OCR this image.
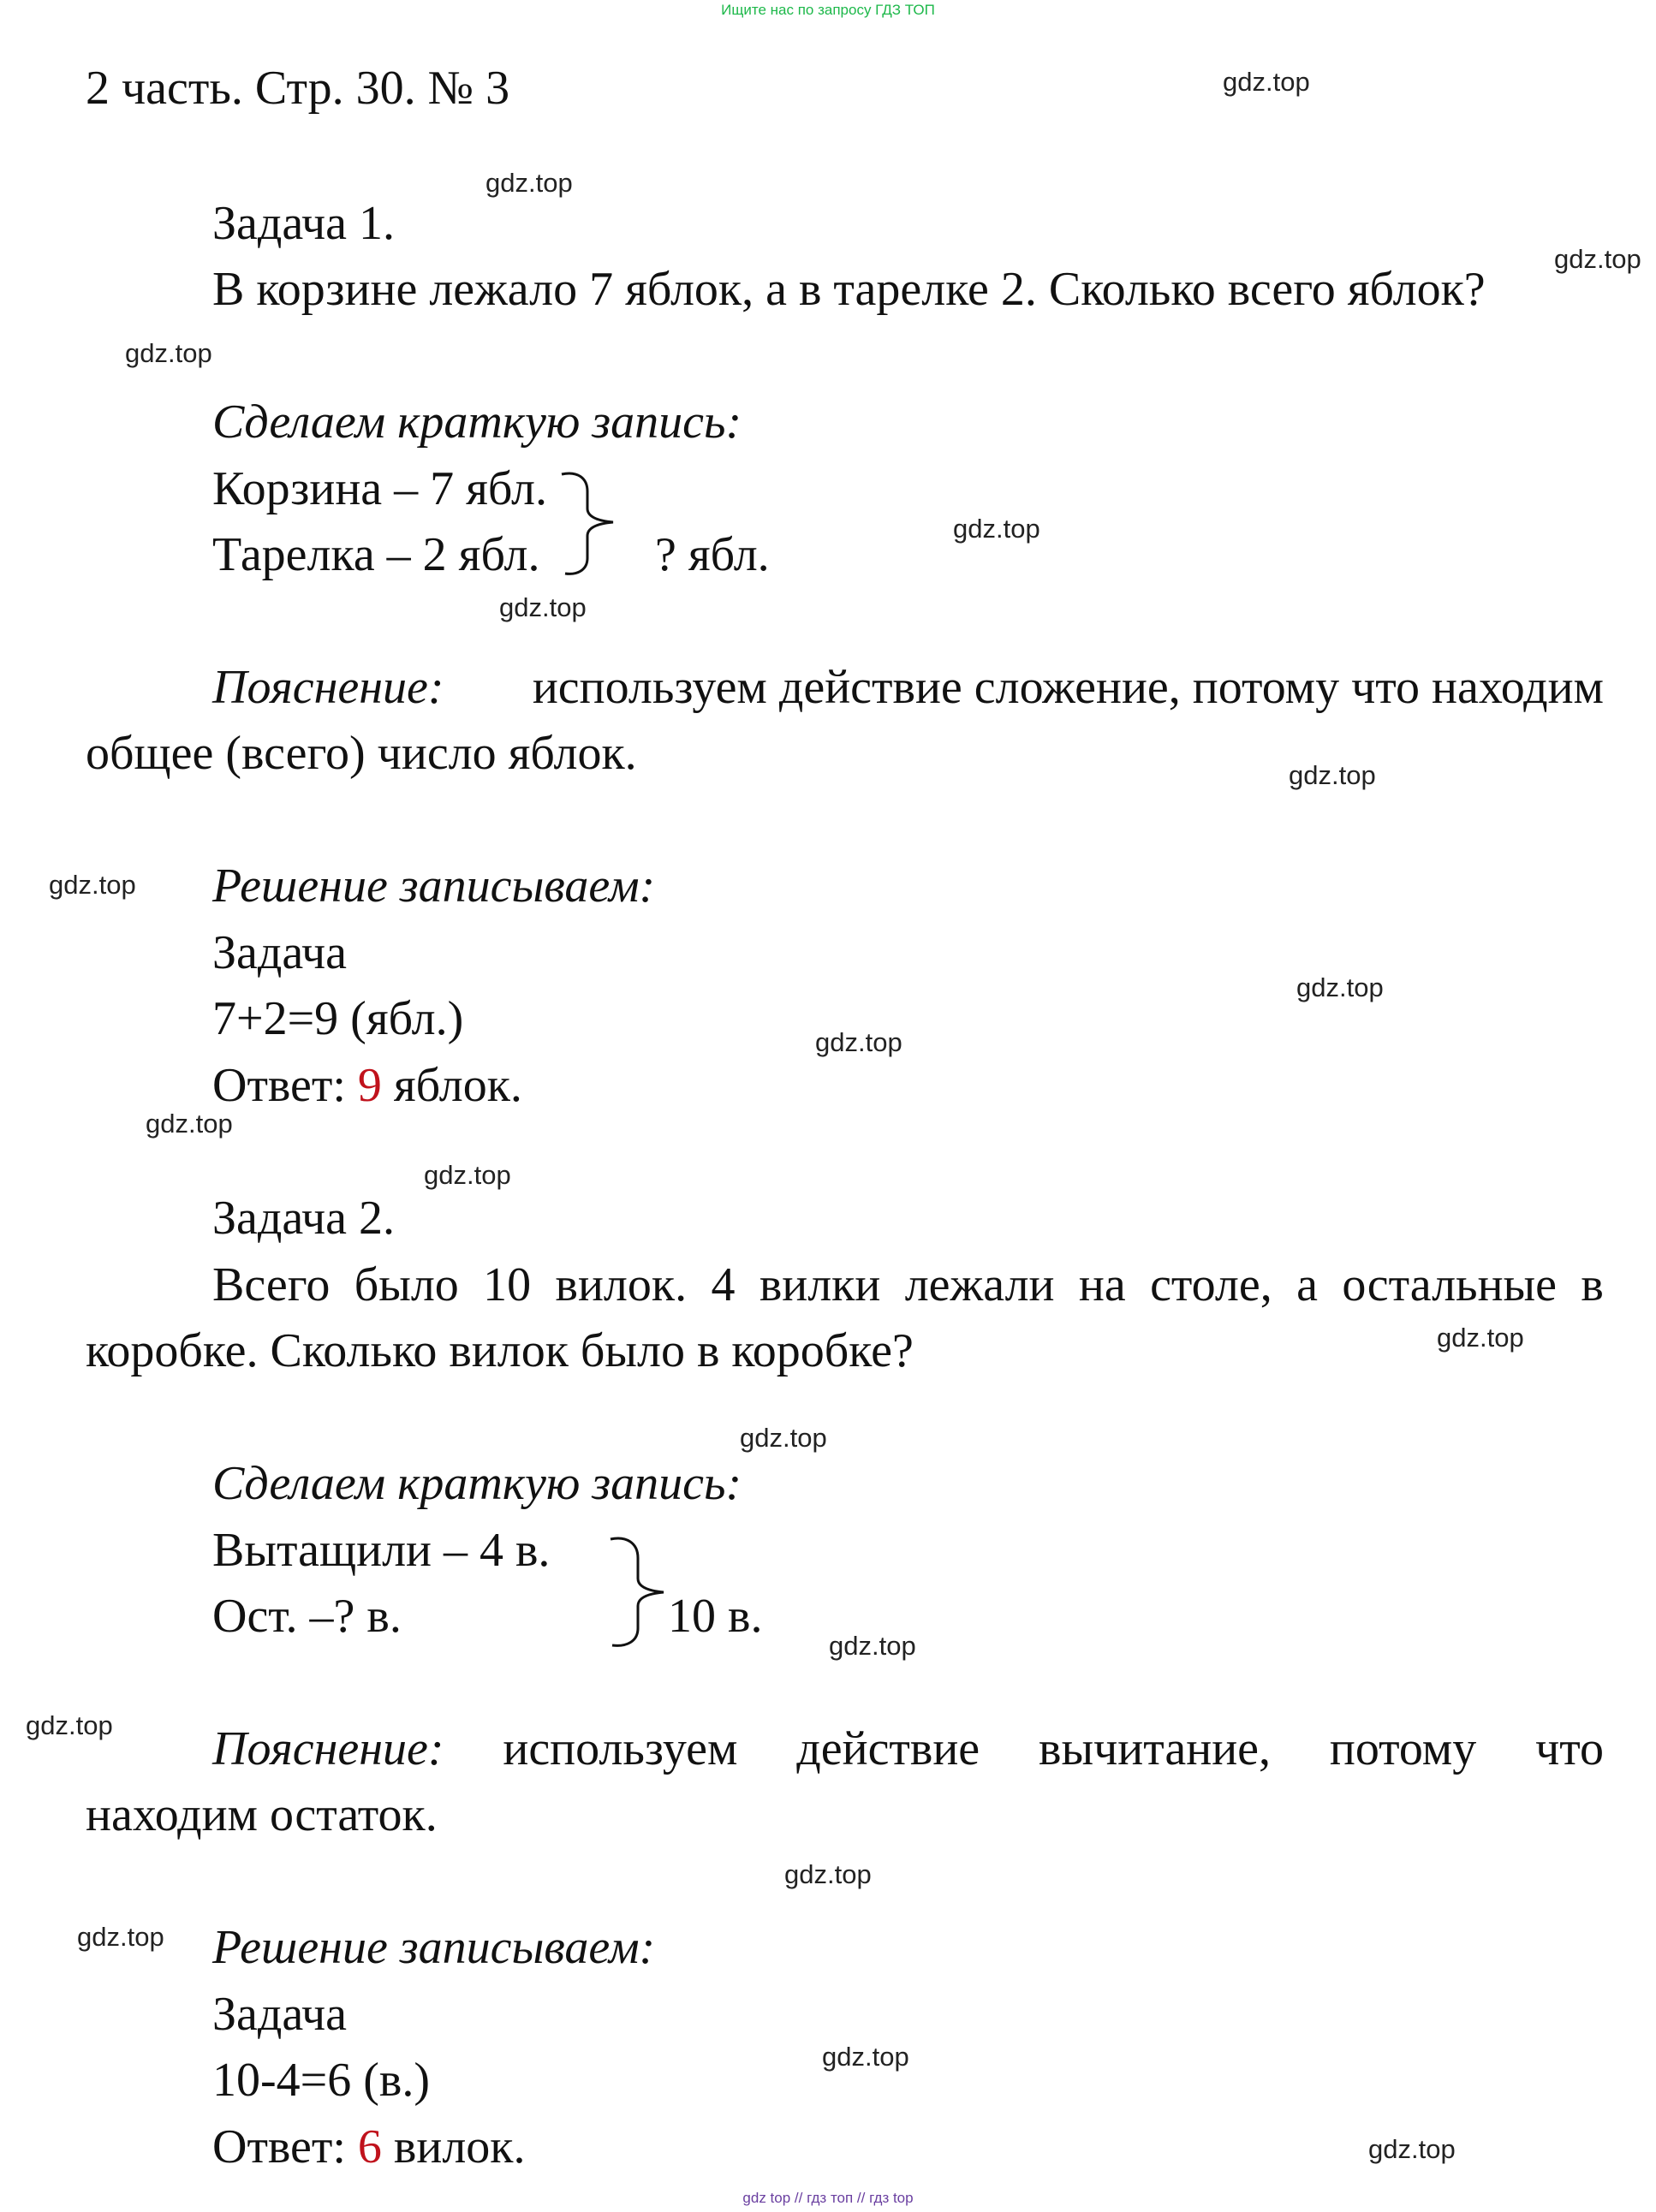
Ищите нас по запросу ГДЗ ТОП
2 часть. Стр. 30. № 3
Задача 1.
В корзине лежало 7 яблок, а в тарелке 2. Сколько всего яблок?
Сделаем краткую запись:
Корзина – 7 ябл.
Тарелка – 2 ябл. ? ябл.
Пояснение:	используем действие сложение, потому что находим
общее (всего) число яблок.
Решение записываем:
Задача
7+2=9 (ябл.)
Ответ: 9 яблок.
Задача 2.
Всего было 10 вилок. 4 вилки лежали на столе, а остальные в
коробке. Сколько вилок было в коробке?
Сделаем краткую запись:
Вытащили – 4 в.
Ост. –? в.	10 в.
Пояснение: используем действие вычитание, потому что
находим остаток.
Решение записываем:
Задача
10-4=6 (в.)
Ответ: 6 вилок.
gdz.top
gdz.top
gdz.top
gdz.top
gdz.top
gdz.top
gdz.top
gdz.top
gdz.top
gdz.top
gdz.top
gdz.top
gdz.top
gdz.top
gdz.top
gdz.top
gdz.top
gdz.top
gdz.top
gdz.top
gdz top // гдз топ // гдз top
